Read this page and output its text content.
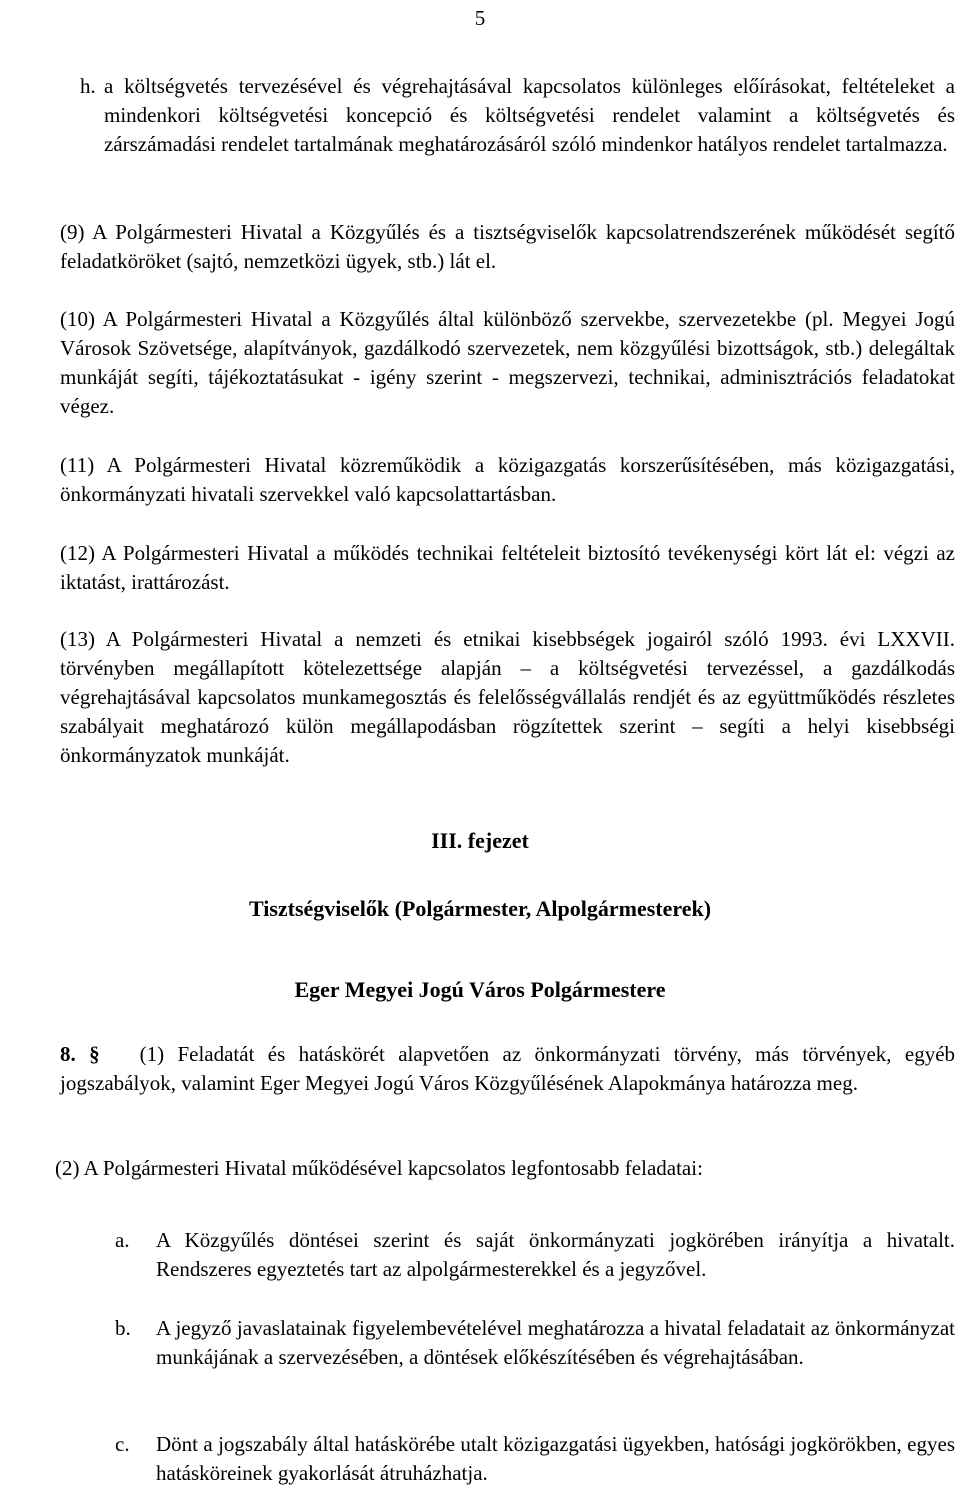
5
h. a költségvetés tervezésével és végrehajtásával kapcsolatos különleges előírásokat, feltételeket a mindenkori költségvetési koncepció és költségvetési rendelet valamint a költségvetés és zárszámadási rendelet tartalmának meghatározásáról szóló mindenkor hatályos rendelet tartalmazza.
(9) A Polgármesteri Hivatal a Közgyűlés és a tisztségviselők kapcsolatrendszerének működését segítő feladatköröket (sajtó, nemzetközi ügyek, stb.) lát el.
(10) A Polgármesteri Hivatal a Közgyűlés által különböző szervekbe, szervezetekbe (pl. Megyei Jogú Városok Szövetsége, alapítványok, gazdálkodó szervezetek, nem közgyűlési bizottságok, stb.) delegáltak munkáját segíti, tájékoztatásukat - igény szerint - megszervezi, technikai, adminisztrációs feladatokat végez.
(11) A Polgármesteri Hivatal közreműködik a közigazgatás korszerűsítésében, más közigazgatási, önkormányzati hivatali szervekkel való kapcsolattartásban.
(12) A Polgármesteri Hivatal a működés technikai feltételeit biztosító tevékenységi kört lát el: végzi az iktatást, irattározást.
(13) A Polgármesteri Hivatal a nemzeti és etnikai kisebbségek jogairól szóló 1993. évi LXXVII. törvényben megállapított kötelezettsége alapján – a költségvetési tervezéssel, a gazdálkodás végrehajtásával kapcsolatos munkamegosztás és felelősségvállalás rendjét és az együttműködés részletes szabályait meghatározó külön megállapodásban rögzítettek szerint – segíti a helyi kisebbségi önkormányzatok munkáját.
III. fejezet
Tisztségviselők (Polgármester, Alpolgármesterek)
Eger Megyei Jogú Város Polgármestere
8. § (1) Feladatát és hatáskörét alapvetően az önkormányzati törvény, más törvények, egyéb jogszabályok, valamint Eger Megyei Jogú Város Közgyűlésének Alapokmánya határozza meg.
(2) A Polgármesteri Hivatal működésével kapcsolatos legfontosabb feladatai:
a. A Közgyűlés döntései szerint és saját önkormányzati jogkörében irányítja a hivatalt. Rendszeres egyeztetés tart az alpolgármesterekkel és a jegyzővel.
b. A jegyző javaslatainak figyelembevételével meghatározza a hivatal feladatait az önkormányzat munkájának a szervezésében, a döntések előkészítésében és végrehajtásában.
c. Dönt a jogszabály által hatáskörébe utalt közigazgatási ügyekben, hatósági jogkörökben, egyes hatásköreinek gyakorlását átruházhatja.
